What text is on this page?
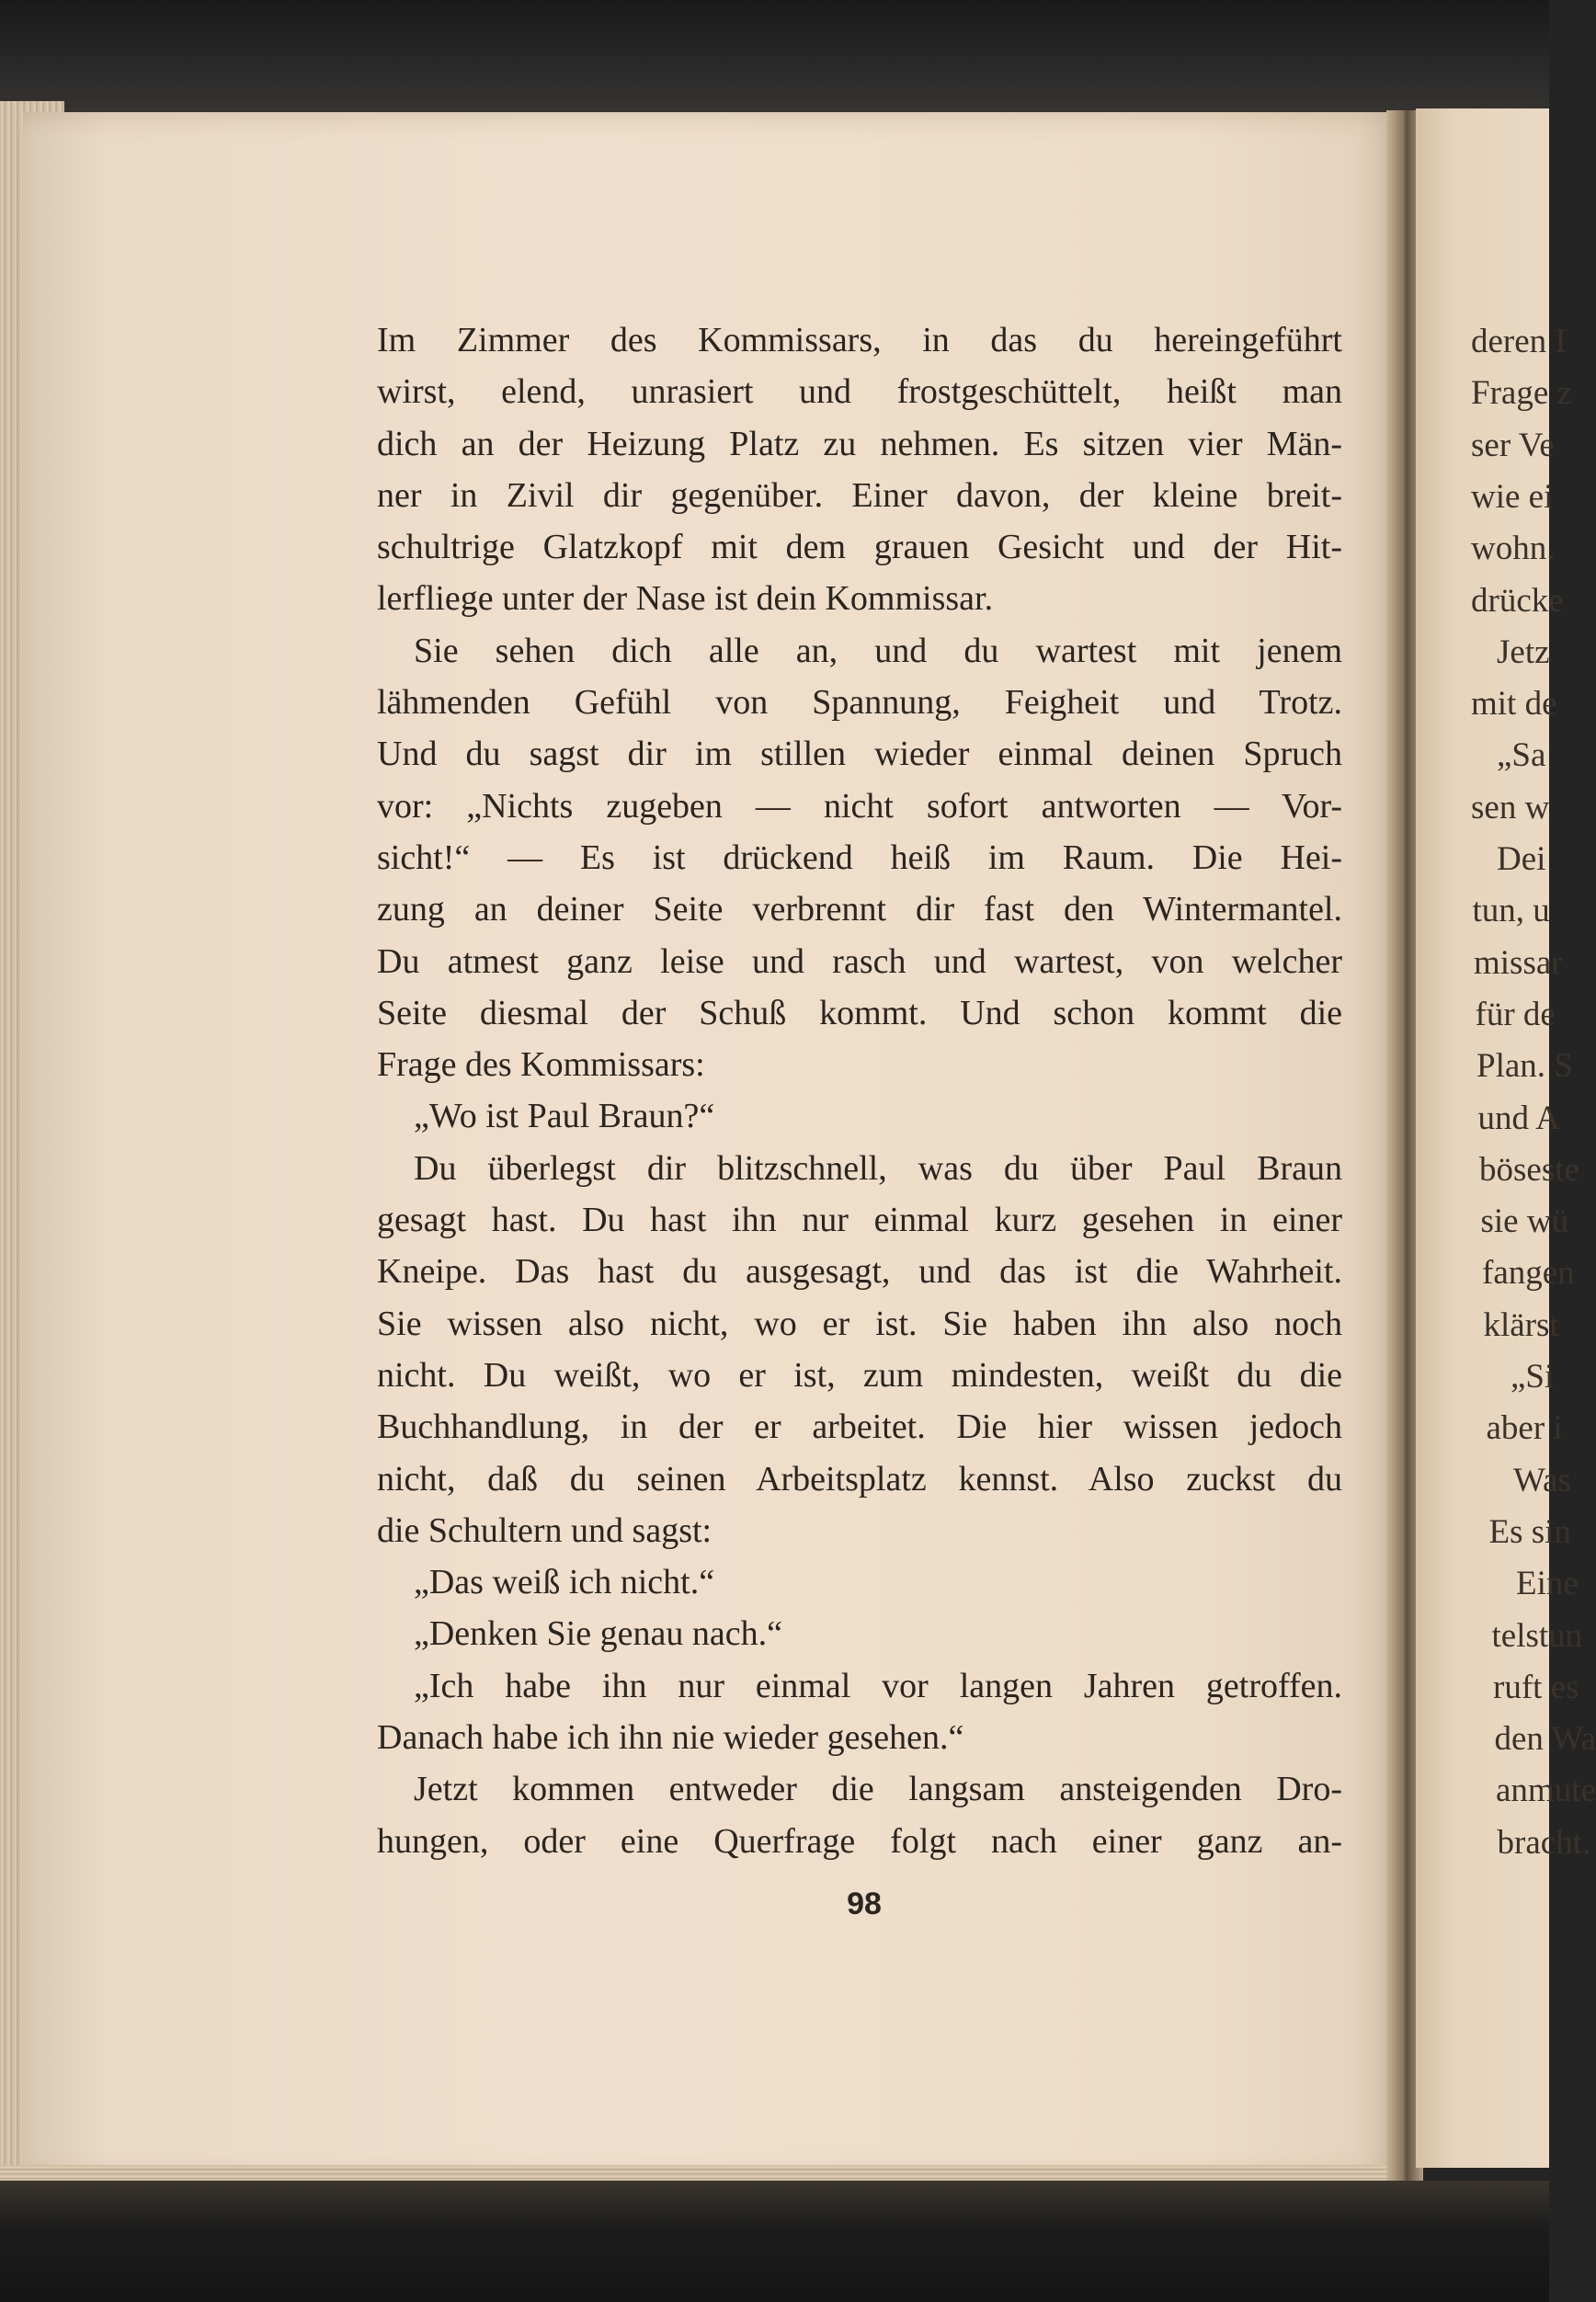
deren I
Frage z
ser Ve
wie ei
wohn.
drücke
Jetz
mit de
„Sa
sen w
Dei
tun, u
missar
für de
Plan. S
und A
böseste
sie wü
fangen
klärst
„Si
aber i
Was
Es sin
Eine
telstun
ruft es
den Wa
anmute
bracht.
Im Zimmer des Kommissars, in das du hereingeführt
wirst, elend, unrasiert und frostgeschüttelt, heißt man
dich an der Heizung Platz zu nehmen. Es sitzen vier Män-
ner in Zivil dir gegenüber. Einer davon, der kleine breit-
schultrige Glatzkopf mit dem grauen Gesicht und der Hit-
lerfliege unter der Nase ist dein Kommissar.
Sie sehen dich alle an, und du wartest mit jenem
lähmenden Gefühl von Spannung, Feigheit und Trotz.
Und du sagst dir im stillen wieder einmal deinen Spruch
vor: „Nichts zugeben — nicht sofort antworten — Vor-
sicht!“ — Es ist drückend heiß im Raum. Die Hei-
zung an deiner Seite verbrennt dir fast den Wintermantel.
Du atmest ganz leise und rasch und wartest, von welcher
Seite diesmal der Schuß kommt. Und schon kommt die
Frage des Kommissars:
„Wo ist Paul Braun?“
Du überlegst dir blitzschnell, was du über Paul Braun
gesagt hast. Du hast ihn nur einmal kurz gesehen in einer
Kneipe. Das hast du ausgesagt, und das ist die Wahrheit.
Sie wissen also nicht, wo er ist. Sie haben ihn also noch
nicht. Du weißt, wo er ist, zum mindesten, weißt du die
Buchhandlung, in der er arbeitet. Die hier wissen jedoch
nicht, daß du seinen Arbeitsplatz kennst. Also zuckst du
die Schultern und sagst:
„Das weiß ich nicht.“
„Denken Sie genau nach.“
„Ich habe ihn nur einmal vor langen Jahren getroffen.
Danach habe ich ihn nie wieder gesehen.“
Jetzt kommen entweder die langsam ansteigenden Dro-
hungen, oder eine Querfrage folgt nach einer ganz an-
98
